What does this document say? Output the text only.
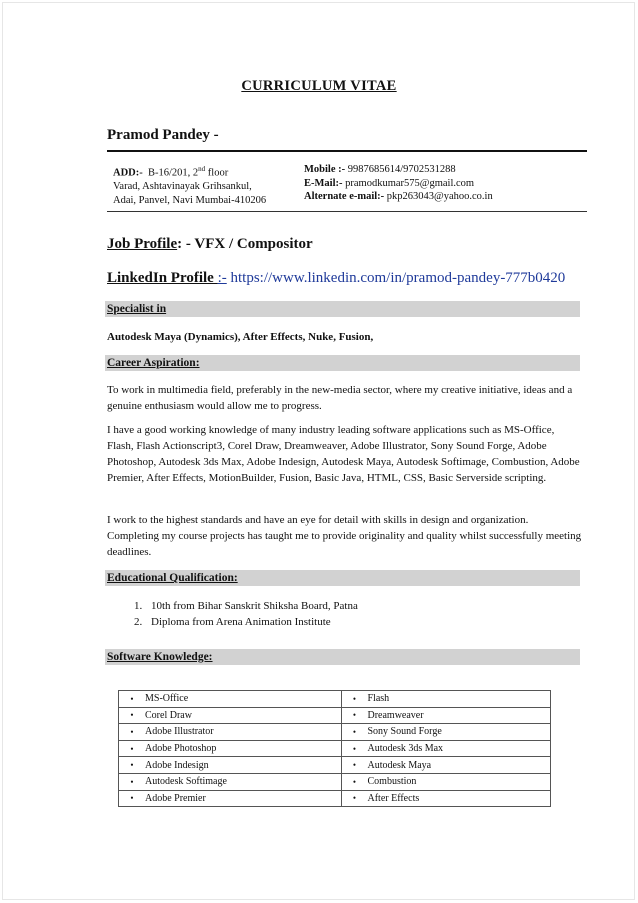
CURRICULUM VITAE
Pramod Pandey -
ADD:- B-16/201, 2nd floor
Varad, Ashtavinayak Grihsankul,
Adai, Panvel, Navi Mumbai-410206
Mobile :- 9987685614/9702531288
E-Mail:- pramodkumar575@gmail.com
Alternate e-mail:- pkp263043@yahoo.co.in
Job Profile: - VFX / Compositor
LinkedIn Profile :- https://www.linkedin.com/in/pramod-pandey-777b0420
Specialist in
Autodesk Maya (Dynamics), After Effects, Nuke, Fusion,
Career Aspiration:
To work in multimedia field, preferably in the new-media sector, where my creative initiative, ideas and a genuine enthusiasm would allow me to progress.
I have a good working knowledge of many industry leading software applications such as MS-Office, Flash, Flash Actionscript3, Corel Draw, Dreamweaver, Adobe Illustrator, Sony Sound Forge, Adobe Photoshop, Autodesk 3ds Max, Adobe Indesign, Autodesk Maya, Autodesk Softimage, Combustion, Adobe Premier, After Effects, MotionBuilder, Fusion, Basic Java, HTML, CSS, Basic Serverside scripting.
I work to the highest standards and have an eye for detail with skills in design and organization. Completing my course projects has taught me to provide originality and quality whilst successfully meeting deadlines.
Educational Qualification:
1. 10th from Bihar Sanskrit Shiksha Board, Patna
2. Diploma from Arena Animation Institute
Software Knowledge:
• MS-Office	• Flash

• Corel Draw	• Dreamweaver

• Adobe Illustrator	• Sony Sound Forge

• Adobe Photoshop	• Autodesk 3ds Max

• Adobe Indesign	• Autodesk Maya

• Autodesk Softimage	• Combustion

• Adobe Premier	• After Effects
